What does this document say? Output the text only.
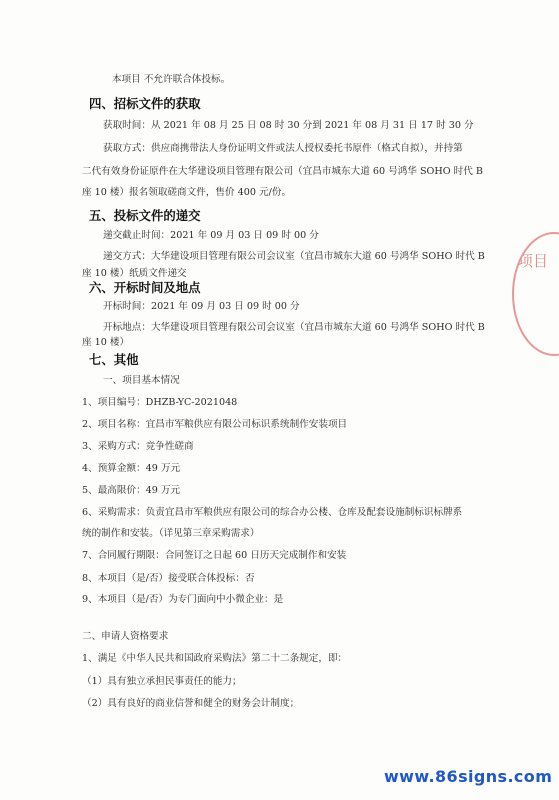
本项目 不允许联合体投标。
四、招标文件的获取
获取时间：从 2021 年 08 月 25 日 08 时 30 分到 2021 年 08 月 31 日 17 时 30 分
获取方式：供应商携带法人身份证明文件或法人授权委托书原件（格式自拟），并持第
二代有效身份证原件在大华建设项目管理有限公司（宜昌市城东大道 60 号鸿华 SOHO 时代 B
座 10 楼）报名领取磋商文件，售价 400 元/份。
五、投标文件的递交
递交截止时间：2021 年 09 月 03 日 09 时 00 分
递交方式：大华建设项目管理有限公司会议室（宜昌市城东大道 60 号鸿华 SOHO 时代 B
座 10 楼）纸质文件递交
六、开标时间及地点
开标时间：2021 年 09 月 03 日 09 时 00 分
开标地点：大华建设项目管理有限公司会议室（宜昌市城东大道 60 号鸿华 SOHO 时代 B
座 10 楼）
七、其他
一、项目基本情况
1、项目编号：DHZB-YC-2021048
2、项目名称：宜昌市军粮供应有限公司标识系统制作安装项目
3、采购方式：竞争性磋商
4、预算金额：49 万元
5、最高限价：49 万元
6、采购需求：负责宜昌市军粮供应有限公司的综合办公楼、仓库及配套设施制标识标牌系
统的制作和安装。（详见第三章采购需求）
7、合同履行期限：合同签订之日起 60 日历天完成制作和安装
8、本项目（是/否）接受联合体投标：否
9、本项目（是/否）为专门面向中小微企业：是
二、申请人资格要求
1、满足《中华人民共和国政府采购法》第二十二条规定，即：
（1）具有独立承担民事责任的能力；
（2）具有良好的商业信誉和健全的财务会计制度；
项目
www.86signs.com
